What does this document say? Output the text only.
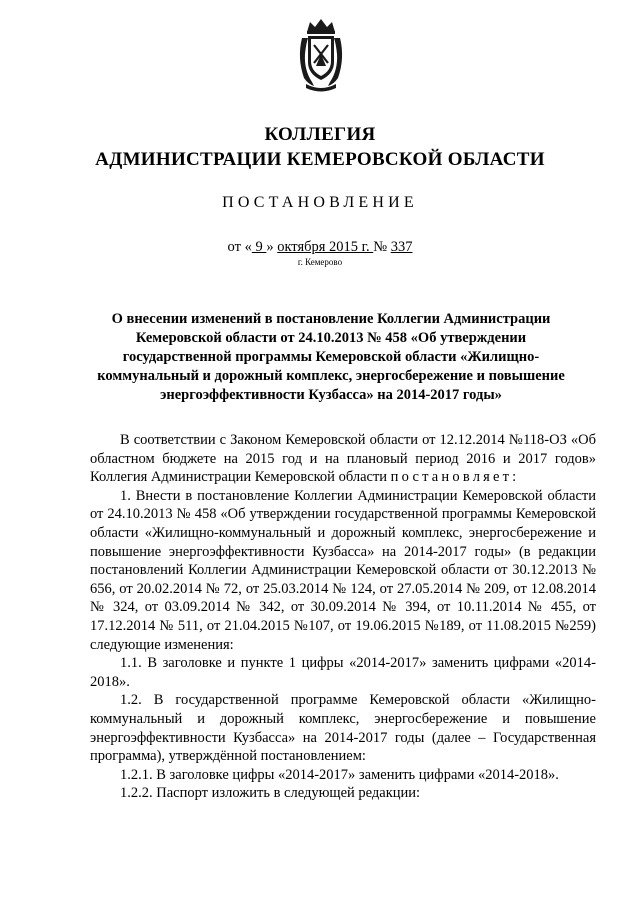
КОЛЛЕГИЯ
АДМИНИСТРАЦИИ КЕМЕРОВСКОЙ ОБЛАСТИ
ПОСТАНОВЛЕНИЕ
от « 9 » октября 2015 г. № 337
г. Кемерово
О внесении изменений в постановление Коллегии Администрации Кемеровской области от 24.10.2013 № 458 «Об утверждении государственной программы Кемеровской области «Жилищно-коммунальный и дорожный комплекс, энергосбережение и повышение энергоэффективности Кузбасса» на 2014-2017 годы»

В соответствии с Законом Кемеровской области от 12.12.2014 №118-ОЗ «Об областном бюджете на 2015 год и на плановый период 2016 и 2017 годов» Коллегия Администрации Кемеровской области постановляет:

1. Внести в постановление Коллегии Администрации Кемеровской области от 24.10.2013 № 458 «Об утверждении государственной программы Кемеровской области «Жилищно-коммунальный и дорожный комплекс, энергосбережение и повышение энергоэффективности Кузбасса» на 2014-2017 годы» (в редакции постановлений Коллегии Администрации Кемеровской области от 30.12.2013 № 656, от 20.02.2014 № 72, от 25.03.2014 № 124, от 27.05.2014 № 209, от 12.08.2014 № 324, от 03.09.2014 № 342, от 30.09.2014 № 394, от 10.11.2014 № 455, от 17.12.2014 № 511, от 21.04.2015 №107, от 19.06.2015 №189, от 11.08.2015 №259) следующие изменения:

1.1. В заголовке и пункте 1 цифры «2014-2017» заменить цифрами «2014-2018».

1.2. В государственной программе Кемеровской области «Жилищно-коммунальный и дорожный комплекс, энергосбережение и повышение энергоэффективности Кузбасса» на 2014-2017 годы (далее – Государственная программа), утверждённой постановлением:

1.2.1. В заголовке цифры «2014-2017» заменить цифрами «2014-2018».

1.2.2. Паспорт изложить в следующей редакции:
